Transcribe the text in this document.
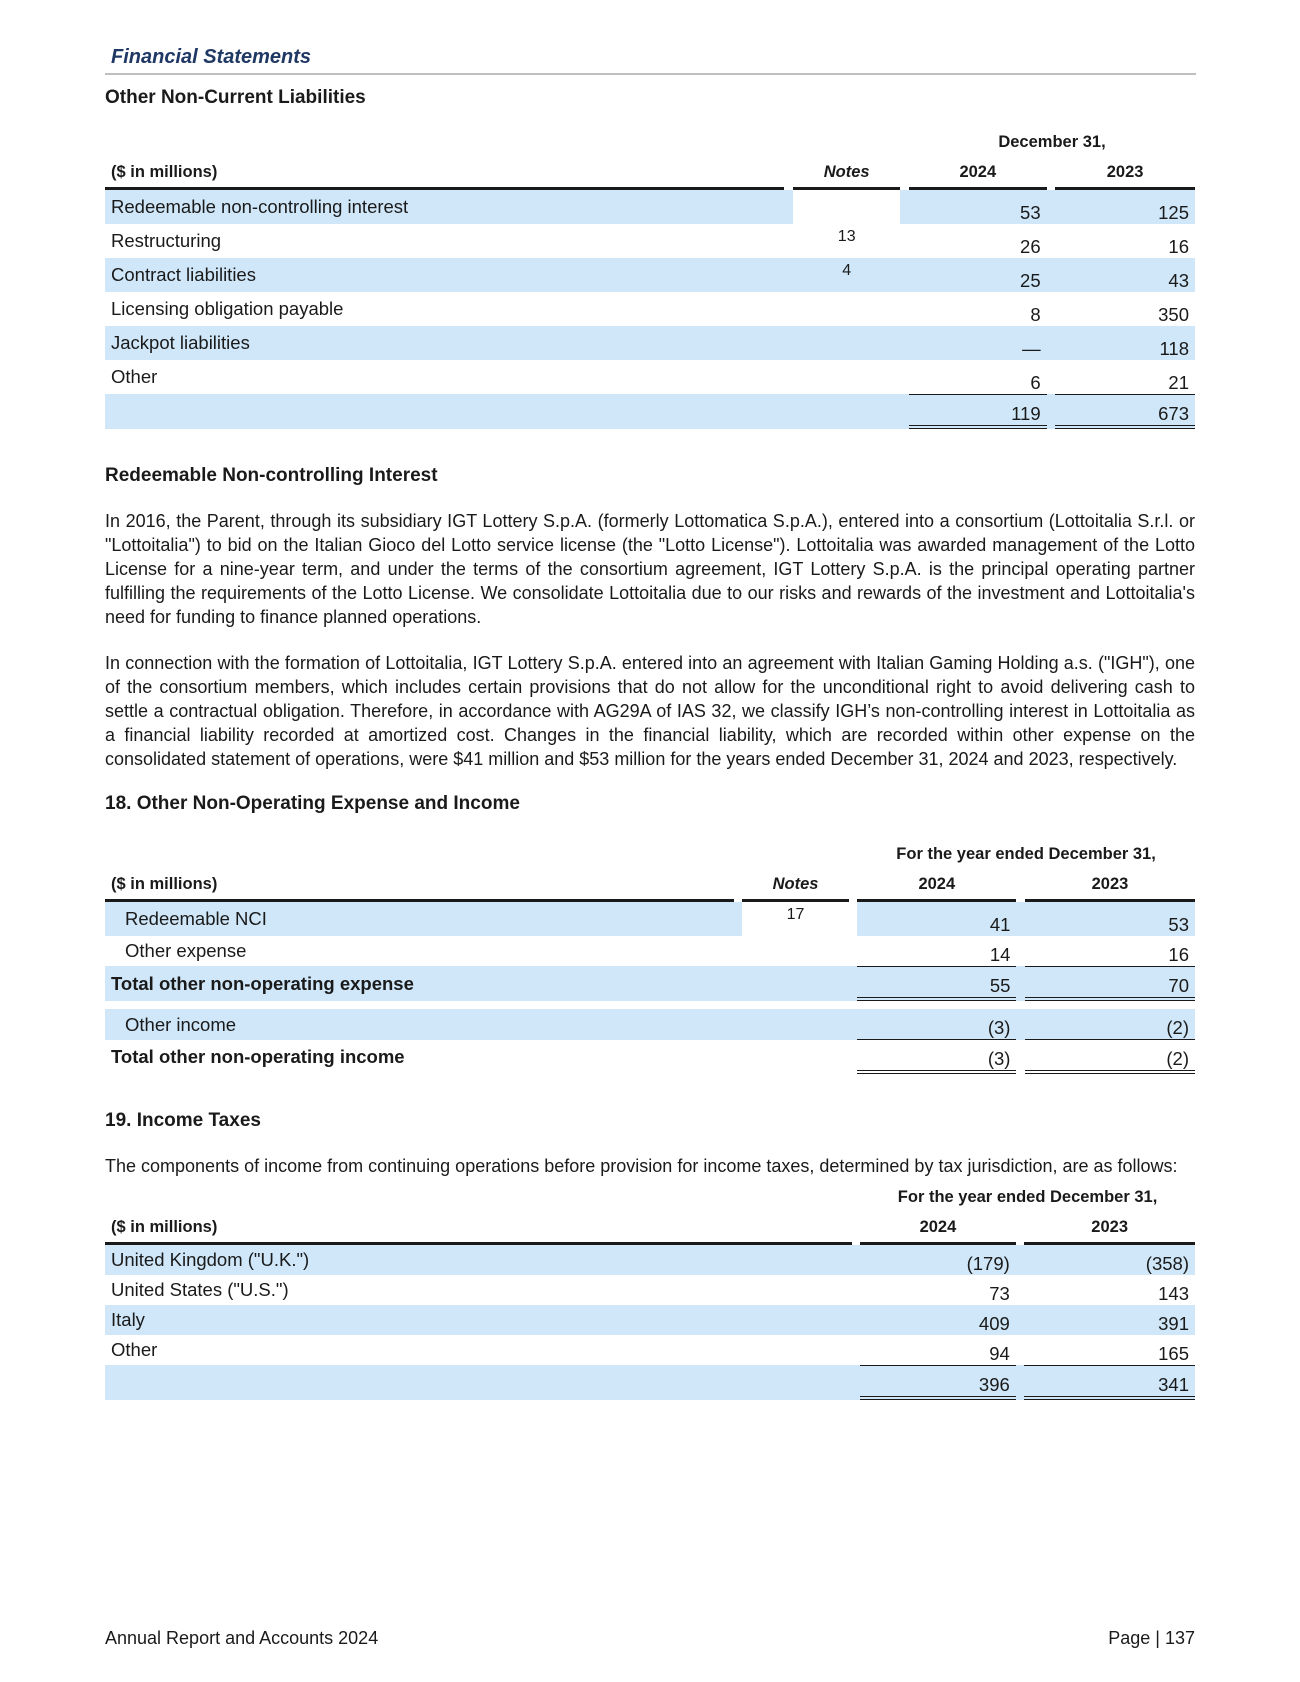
Financial Statements
Other Non-Current Liabilities
				December 31,		
($ in millions)		Notes		2024		2023
Redeemable non-controlling interest				53		125
Restructuring		13		26		16
Contract liabilities		4		25		43
Licensing obligation payable				8		350
Jackpot liabilities				—		118
Other				6		21
				119		673
Redeemable Non-controlling Interest

In 2016, the Parent, through its subsidiary IGT Lottery S.p.A. (formerly Lottomatica S.p.A.), entered into a consortium (Lottoitalia S.r.l. or "Lottoitalia") to bid on the Italian Gioco del Lotto service license (the "Lotto License"). Lottoitalia was awarded management of the Lotto License for a nine-year term, and under the terms of the consortium agreement, IGT Lottery S.p.A. is the principal operating partner fulfilling the requirements of the Lotto License. We consolidate Lottoitalia due to our risks and rewards of the investment and Lottoitalia's need for funding to finance planned operations.

In connection with the formation of Lottoitalia, IGT Lottery S.p.A. entered into an agreement with Italian Gaming Holding a.s. ("IGH"), one of the consortium members, which includes certain provisions that do not allow for the unconditional right to avoid delivering cash to settle a contractual obligation. Therefore, in accordance with AG29A of IAS 32, we classify IGH’s non-controlling interest in Lottoitalia as a financial liability recorded at amortized cost. Changes in the financial liability, which are recorded within other expense on the consolidated statement of operations, were $41 million and $53 million for the years ended December 31, 2024 and 2023, respectively.

18. Other Non-Operating Expense and Income
				For the year ended December 31,		
($ in millions)		Notes		2024		2023
Redeemable NCI		17		41		53
Other expense				14		16
Total other non-operating expense				55		70

Other income				(3)		(2)
Total other non-operating income				(3)		(2)
19. Income Taxes

The components of income from continuing operations before provision for income taxes, determined by tax jurisdiction, are as follows:

		For the year ended December 31,		
($ in millions)		2024		2023
United Kingdom ("U.K.")		(179)		(358)
United States ("U.S.")		73		143
Italy		409		391
Other		94		165
		396		341
Annual Report and Accounts 2024	Page | 137
